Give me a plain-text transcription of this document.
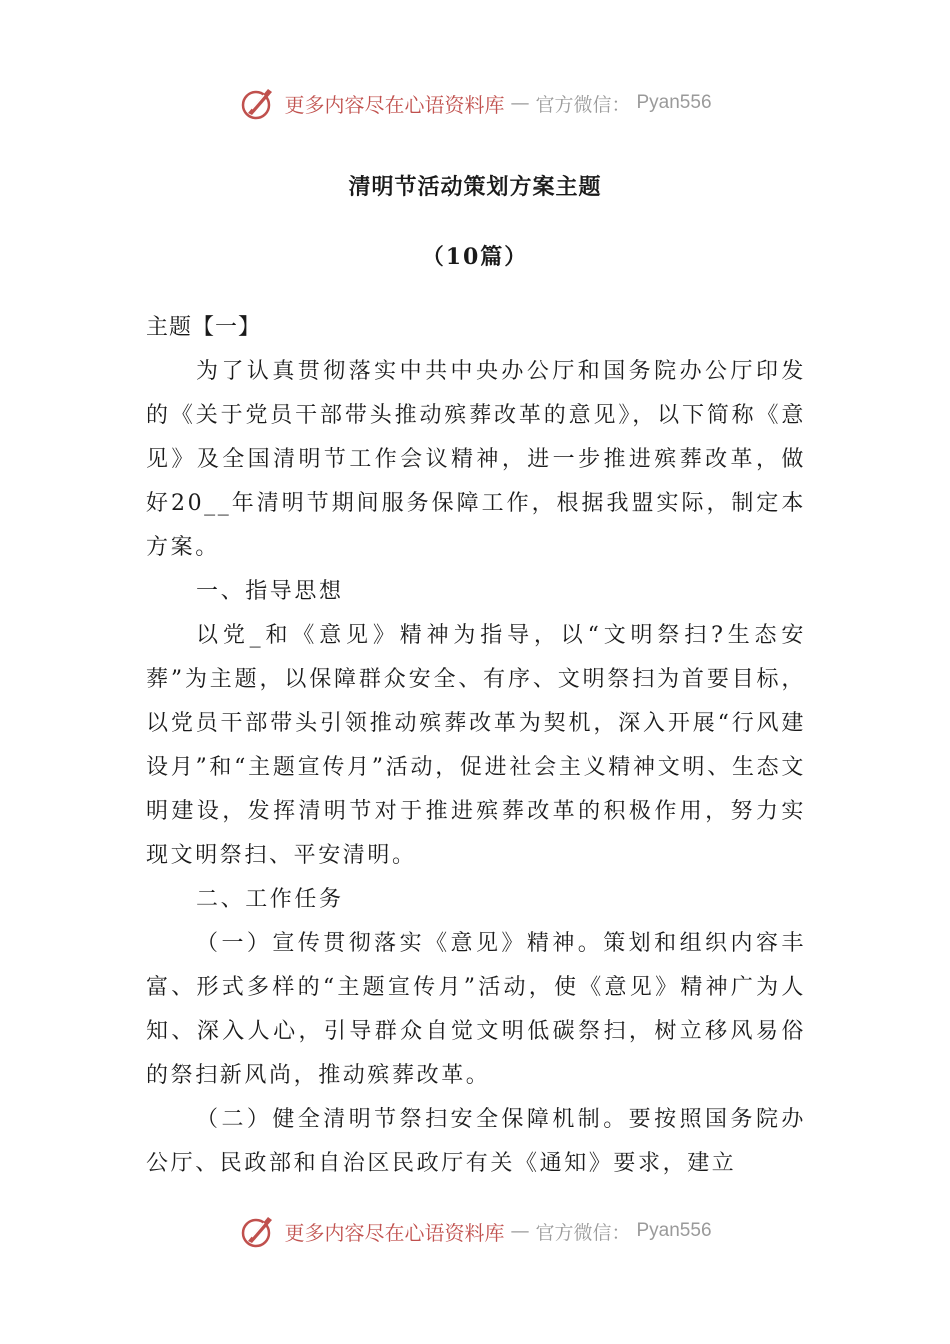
更多内容尽在心语资料库 — 官方微信： Pyan556
清明节活动策划方案主题
（10篇）

主题【一】

为了认真贯彻落实中共中央办公厅和国务院办公厅印发的《关于党员干部带头推动殡葬改革的意见》，以下简称《意见》及全国清明节工作会议精神，进一步推进殡葬改革，做好20__年清明节期间服务保障工作，根据我盟实际，制定本方案。

一、指导思想

以党_和《意见》精神为指导，以“文明祭扫?生态安葬”为主题，以保障群众安全、有序、文明祭扫为首要目标，以党员干部带头引领推动殡葬改革为契机，深入开展“行风建设月”和“主题宣传月”活动，促进社会主义精神文明、生态文明建设，发挥清明节对于推进殡葬改革的积极作用，努力实现文明祭扫、平安清明。

二、工作任务

（一）宣传贯彻落实《意见》精神。策划和组织内容丰富、形式多样的“主题宣传月”活动，使《意见》精神广为人知、深入人心，引导群众自觉文明低碳祭扫，树立移风易俗的祭扫新风尚，推动殡葬改革。

（二）健全清明节祭扫安全保障机制。要按照国务院办公厅、民政部和自治区民政厅有关《通知》要求，建立

更多内容尽在心语资料库 — 官方微信： Pyan556
